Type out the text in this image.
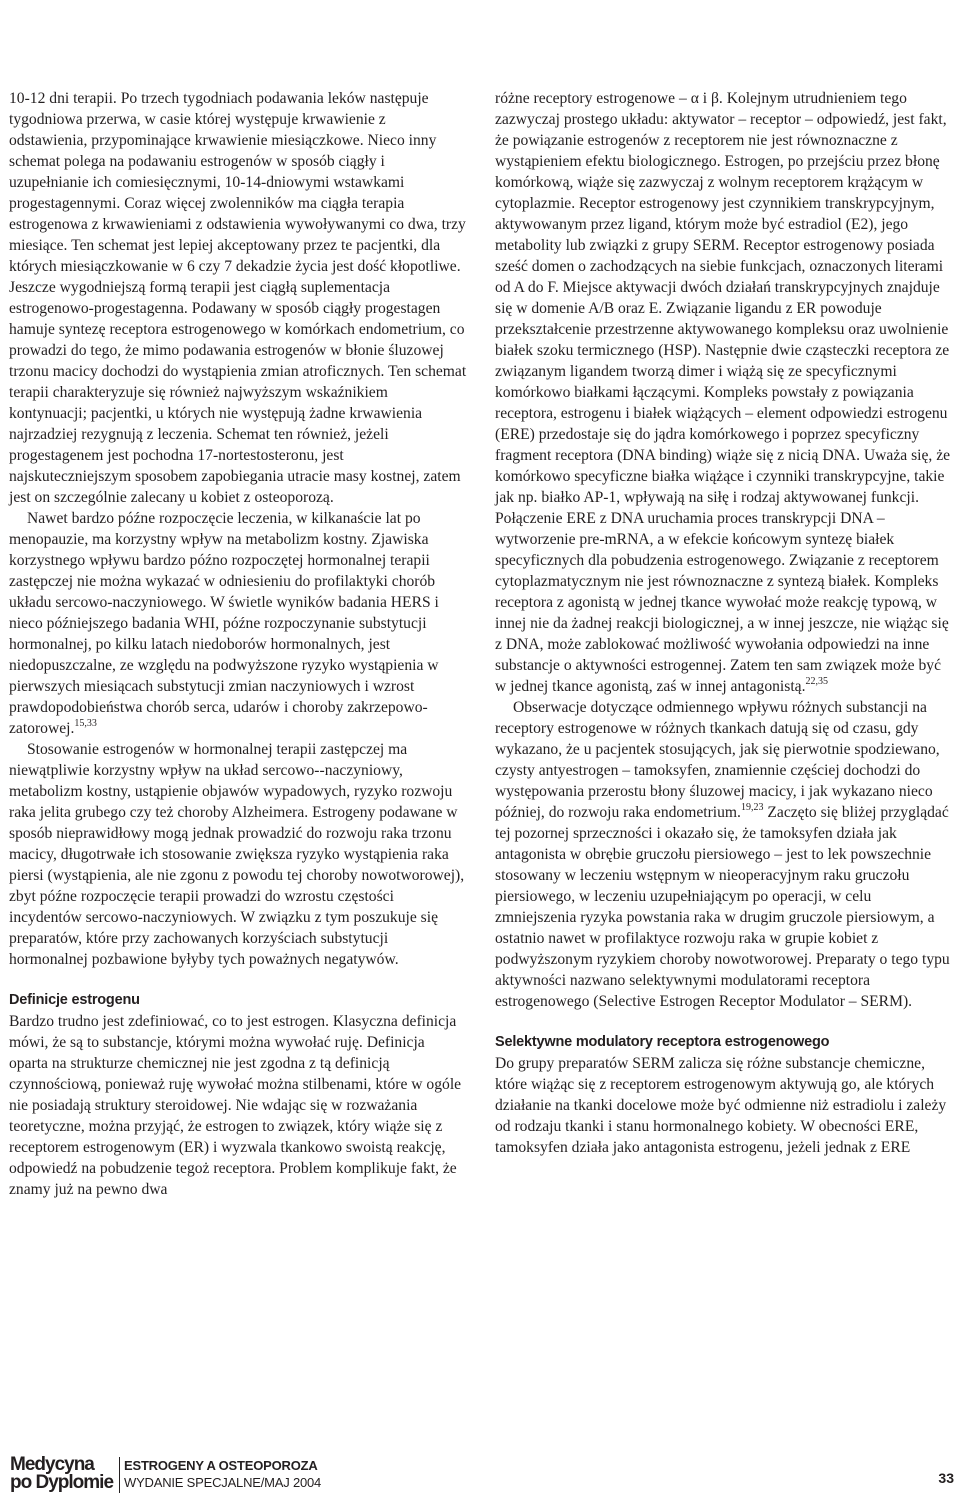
10-12 dni terapii. Po trzech tygodniach podawania leków następuje tygodniowa przerwa, w casie której występuje krwawienie z odstawienia, przypominające krwawienie miesiączkowe. Nieco inny schemat polega na podawaniu estrogenów w sposób ciągły i uzupełnianie ich comiesięcznymi, 10-14-dniowymi wstawkami progestagennymi. Coraz więcej zwolenników ma ciągła terapia estrogenowa z krwawieniami z odstawienia wywoływanymi co dwa, trzy miesiące. Ten schemat jest lepiej akceptowany przez te pacjentki, dla których miesiączkowanie w 6 czy 7 dekadzie życia jest dość kłopotliwe. Jeszcze wygodniejszą formą terapii jest ciągłą suplementacja estrogenowo-progestagenna. Podawany w sposób ciągły progestagen hamuje syntezę receptora estrogenowego w komórkach endometrium, co prowadzi do tego, że mimo podawania estrogenów w błonie śluzowej trzonu macicy dochodzi do wystąpienia zmian atroficznych. Ten schemat terapii charakteryzuje się również najwyższym wskaźnikiem kontynuacji; pacjentki, u których nie występują żadne krwawienia najrzadziej rezygnują z leczenia. Schemat ten również, jeżeli progestagenem jest pochodna 17-nortestosteronu, jest najskuteczniejszym sposobem zapobiegania utracie masy kostnej, zatem jest on szczególnie zalecany u kobiet z osteoporozą.

Nawet bardzo późne rozpoczęcie leczenia, w kilkanaście lat po menopauzie, ma korzystny wpływ na metabolizm kostny. Zjawiska korzystnego wpływu bardzo późno rozpoczętej hormonalnej terapii zastępczej nie można wykazać w odniesieniu do profilaktyki chorób układu sercowo-naczyniowego. W świetle wyników badania HERS i nieco późniejszego badania WHI, późne rozpoczynanie substytucji hormonalnej, po kilku latach niedoborów hormonalnych, jest niedopuszczalne, ze względu na podwyższone ryzyko wystąpienia w pierwszych miesiącach substytucji zmian naczyniowych i wzrost prawdopodobieństwa chorób serca, udarów i choroby zakrzepowo-zatorowej.$^{15,33}$

Stosowanie estrogenów w hormonalnej terapii zastępczej ma niewątpliwie korzystny wpływ na układ sercowo--naczyniowy, metabolizm kostny, ustąpienie objawów wypadowych, ryzyko rozwoju raka jelita grubego czy też choroby Alzheimera. Estrogeny podawane w sposób nieprawidłowy mogą jednak prowadzić do rozwoju raka trzonu macicy, długotrwałe ich stosowanie zwiększa ryzyko wystąpienia raka piersi (wystąpienia, ale nie zgonu z powodu tej choroby nowotworowej), zbyt późne rozpoczęcie terapii prowadzi do wzrostu częstości incydentów sercowo-naczyniowych. W związku z tym poszukuje się preparatów, które przy zachowanych korzyściach substytucji hormonalnej pozbawione byłyby tych poważnych negatywów.

Definicje estrogenu

Bardzo trudno jest zdefiniować, co to jest estrogen. Klasyczna definicja mówi, że są to substancje, którymi można wywołać ruję. Definicja oparta na strukturze chemicznej nie jest zgodna z tą definicją czynnościową, ponieważ ruję wywołać można stilbenami, które w ogóle nie posiadają struktury steroidowej. Nie wdając się w rozważania teoretyczne, można przyjąć, że estrogen to związek, który wiąże się z receptorem estrogenowym (ER) i wyzwala tkankowo swoistą reakcję, odpowiedź na pobudzenie tegoż receptora. Problem komplikuje fakt, że znamy już na pewno dwa

różne receptory estrogenowe – α i β. Kolejnym utrudnieniem tego zazwyczaj prostego układu: aktywator – receptor – odpowiedź, jest fakt, że powiązanie estrogenów z receptorem nie jest równoznaczne z wystąpieniem efektu biologicznego. Estrogen, po przejściu przez błonę komórkową, wiąże się zazwyczaj z wolnym receptorem krążącym w cytoplazmie. Receptor estrogenowy jest czynnikiem transkrypcyjnym, aktywowanym przez ligand, którym może być estradiol (E2), jego metabolity lub związki z grupy SERM. Receptor estrogenowy posiada sześć domen o zachodzących na siebie funkcjach, oznaczonych literami od A do F. Miejsce aktywacji dwóch działań transkrypcyjnych znajduje się w domenie A/B oraz E. Związanie ligandu z ER powoduje przekształcenie przestrzenne aktywowanego kompleksu oraz uwolnienie białek szoku termicznego (HSP). Następnie dwie cząsteczki receptora ze związanym ligandem tworzą dimer i wiążą się ze specyficznymi komórkowo białkami łączącymi. Kompleks powstały z powiązania receptora, estrogenu i białek wiążących – element odpowiedzi estrogenu (ERE) przedostaje się do jądra komórkowego i poprzez specyficzny fragment receptora (DNA binding) wiąże się z nicią DNA. Uważa się, że komórkowo specyficzne białka wiążące i czynniki transkrypcyjne, takie jak np. białko AP-1, wpływają na siłę i rodzaj aktywowanej funkcji. Połączenie ERE z DNA uruchamia proces transkrypcji DNA – wytworzenie pre-mRNA, a w efekcie końcowym syntezę białek specyficznych dla pobudzenia estrogenowego. Związanie z receptorem cytoplazmatycznym nie jest równoznaczne z syntezą białek. Kompleks receptora z agonistą w jednej tkance wywołać może reakcję typową, w innej nie da żadnej reakcji biologicznej, a w innej jeszcze, nie wiążąc się z DNA, może zablokować możliwość wywołania odpowiedzi na inne substancje o aktywności estrogennej. Zatem ten sam związek może być w jednej tkance agonistą, zaś w innej antagonistą.$^{22,35}$

Obserwacje dotyczące odmiennego wpływu różnych substancji na receptory estrogenowe w różnych tkankach datują się od czasu, gdy wykazano, że u pacjentek stosujących, jak się pierwotnie spodziewano, czysty antyestrogen – tamoksyfen, znamiennie częściej dochodzi do występowania przerostu błony śluzowej macicy, i jak wykazano nieco później, do rozwoju raka endometrium.$^{19,23}$ Zaczęto się bliżej przyglądać tej pozornej sprzeczności i okazało się, że tamoksyfen działa jak antagonista w obrębie gruczołu piersiowego – jest to lek powszechnie stosowany w leczeniu wstępnym w nieoperacyjnym raku gruczołu piersiowego, w leczeniu uzupełniającym po operacji, w celu zmniejszenia ryzyka powstania raka w drugim gruczole piersiowym, a ostatnio nawet w profilaktyce rozwoju raka w grupie kobiet z podwyższonym ryzykiem choroby nowotworowej. Preparaty o tego typu aktywności nazwano selektywnymi modulatorami receptora estrogenowego (Selective Estrogen Receptor Modulator – SERM).

Selektywne modulatory receptora estrogenowego

Do grupy preparatów SERM zalicza się różne substancje chemiczne, które wiążąc się z receptorem estrogenowym aktywują go, ale których działanie na tkanki docelowe może być odmienne niż estradiolu i zależy od rodzaju tkanki i stanu hormonalnego kobiety. W obecności ERE, tamoksyfen działa jako antagonista estrogenu, jeżeli jednak z ERE

Medycyna
po Dyplomie
ESTROGENY A OSTEOPOROZA
WYDANIE SPECJALNE/MAJ 2004	33
